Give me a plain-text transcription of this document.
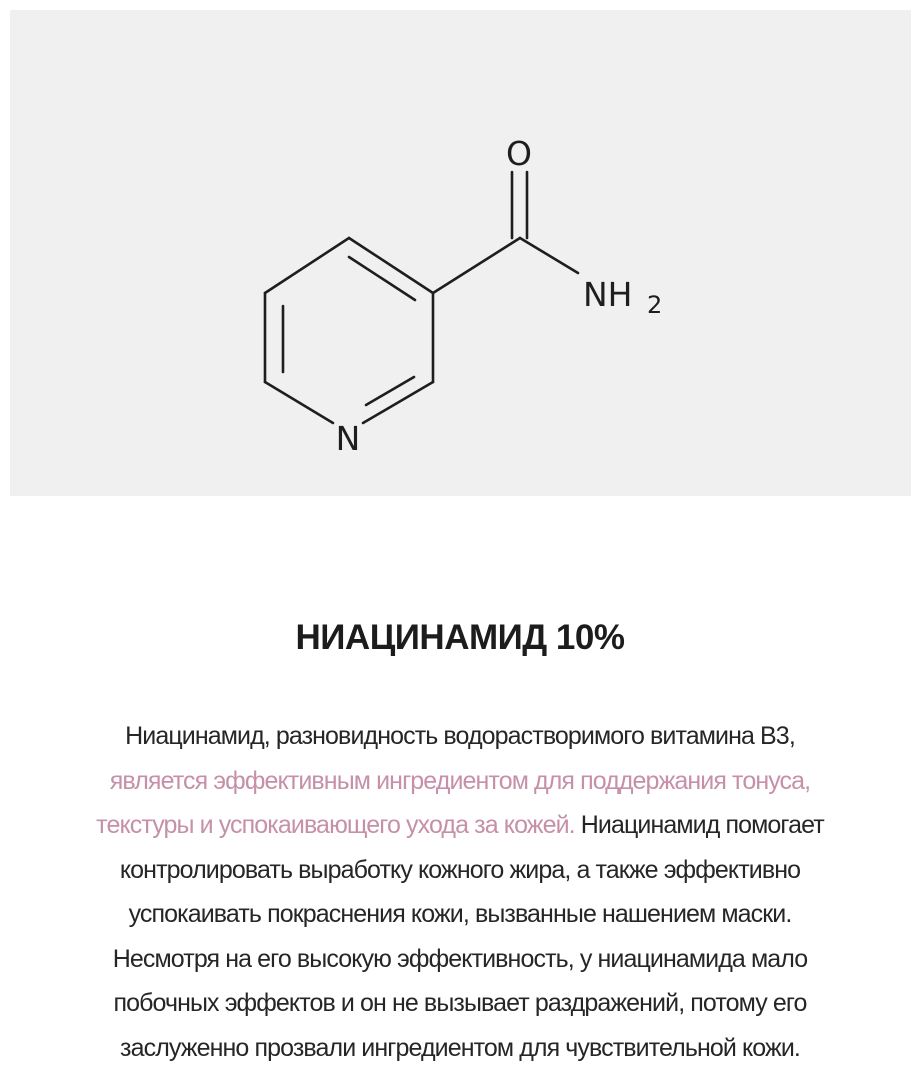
O
N
NH 2
НИАЦИНАМИД 10%
Ниацинамид, разновидность водорастворимого витамина B3,
является эффективным ингредиентом для поддержания тонуса,
текстуры и успокаивающего ухода за кожей. Ниацинамид помогает
контролировать выработку кожного жира, а также эффективно
успокаивать покраснения кожи, вызванные нашением маски.
Несмотря на его высокую эффективность, у ниацинамида мало
побочных эффектов и он не вызывает раздражений, потому его
заслуженно прозвали ингредиентом для чувствительной кожи.
